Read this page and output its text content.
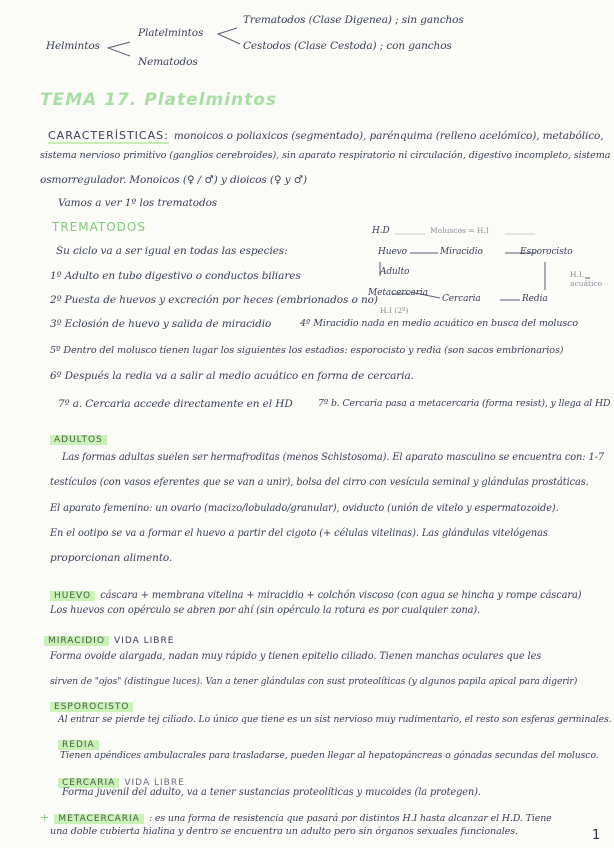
Helmintos
Platelmintos
Nematodos
Trematodos (Clase Digenea) ; sin ganchos
Cestodos (Clase Cestoda) ; con ganchos
TEMA 17. Platelmintos
CARACTERÍSTICAS: monoicos o poliaxicos (segmentado), parénquima (relleno acelómico), metabólico,
sistema nervioso primitivo (ganglios cerebroides), sin aparato respiratorio ni circulación, digestivo incompleto, sistema
osmorregulador. Monoicos (♀ / ♂) y dioicos (♀ y ♂)
Vamos a ver 1º los trematodos
TREMATODOS
Su ciclo va a ser igual en todas las especies:
1º Adulto en tubo digestivo o conductos biliares
2º Puesta de huevos y excreción por heces (embrionados o no)
3º Eclosión de huevo y salida de miracidio	4º Miracidio nada en medio acuático en busca del molusco
5º Dentro del molusco tienen lugar los siguientes los estadios: esporocisto y redia (son sacos embrionarios)
6º Después la redia va a salir al medio acuático en forma de cercaria.
7º a. Cercaria accede directamente en el HD	7º b. Cercaria pasa a metacercaria (forma resist), y llega al HD
H.D	Moluscos = H.I
Huevo	Miracidio	Esporocisto
Adulto
Metacercaria
Cercaria	Redia
H.I (2º)
H.I. acuático
ADULTOS
Las formas adultas suelen ser hermafroditas (menos Schistosoma). El aparato masculino se encuentra con: 1-7
testículos (con vasos eferentes que se van a unir), bolsa del cirro con vesícula seminal y glándulas prostáticas.
El aparato femenino: un ovario (macizo/lobulado/granular), oviducto (unión de vitelo y espermatozoide).
En el ootipo se va a formar el huevo a partir del cigoto (+ células vitelinas). Las glándulas vitelógenas
proporcionan alimento.
HUEVO cáscara + membrana vitelina + miracidio + colchón viscoso (con agua se hincha y rompe cáscara)
Los huevos con opérculo se abren por ahí (sin opérculo la rotura es por cualquier zona).
MIRACIDIO VIDA LIBRE
Forma ovoide alargada, nadan muy rápido y tienen epitelio ciliado. Tienen manchas oculares que les
sirven de "ojos" (distingue luces). Van a tener glándulas con sust proteolíticas (y algunos papila apical para digerir)
ESPOROCISTO
Al entrar se pierde tej ciliado. Lo único que tiene es un sist nervioso muy rudimentario, el resto son esferas germinales.
REDIA
Tienen apéndices ambulacrales para trasladarse, pueden llegar al hepatopáncreas o gónadas secundas del molusco.
CERCARIA VIDA LIBRE
Forma juvenil del adulto, va a tener sustancias proteolíticas y mucoides (la protegen).
+ METACERCARIA : es una forma de resistencia que pasará por distintos H.I hasta alcanzar el H.D. Tiene
una doble cubierta hialina y dentro se encuentra un adulto pero sin órganos sexuales funcionales.	1
